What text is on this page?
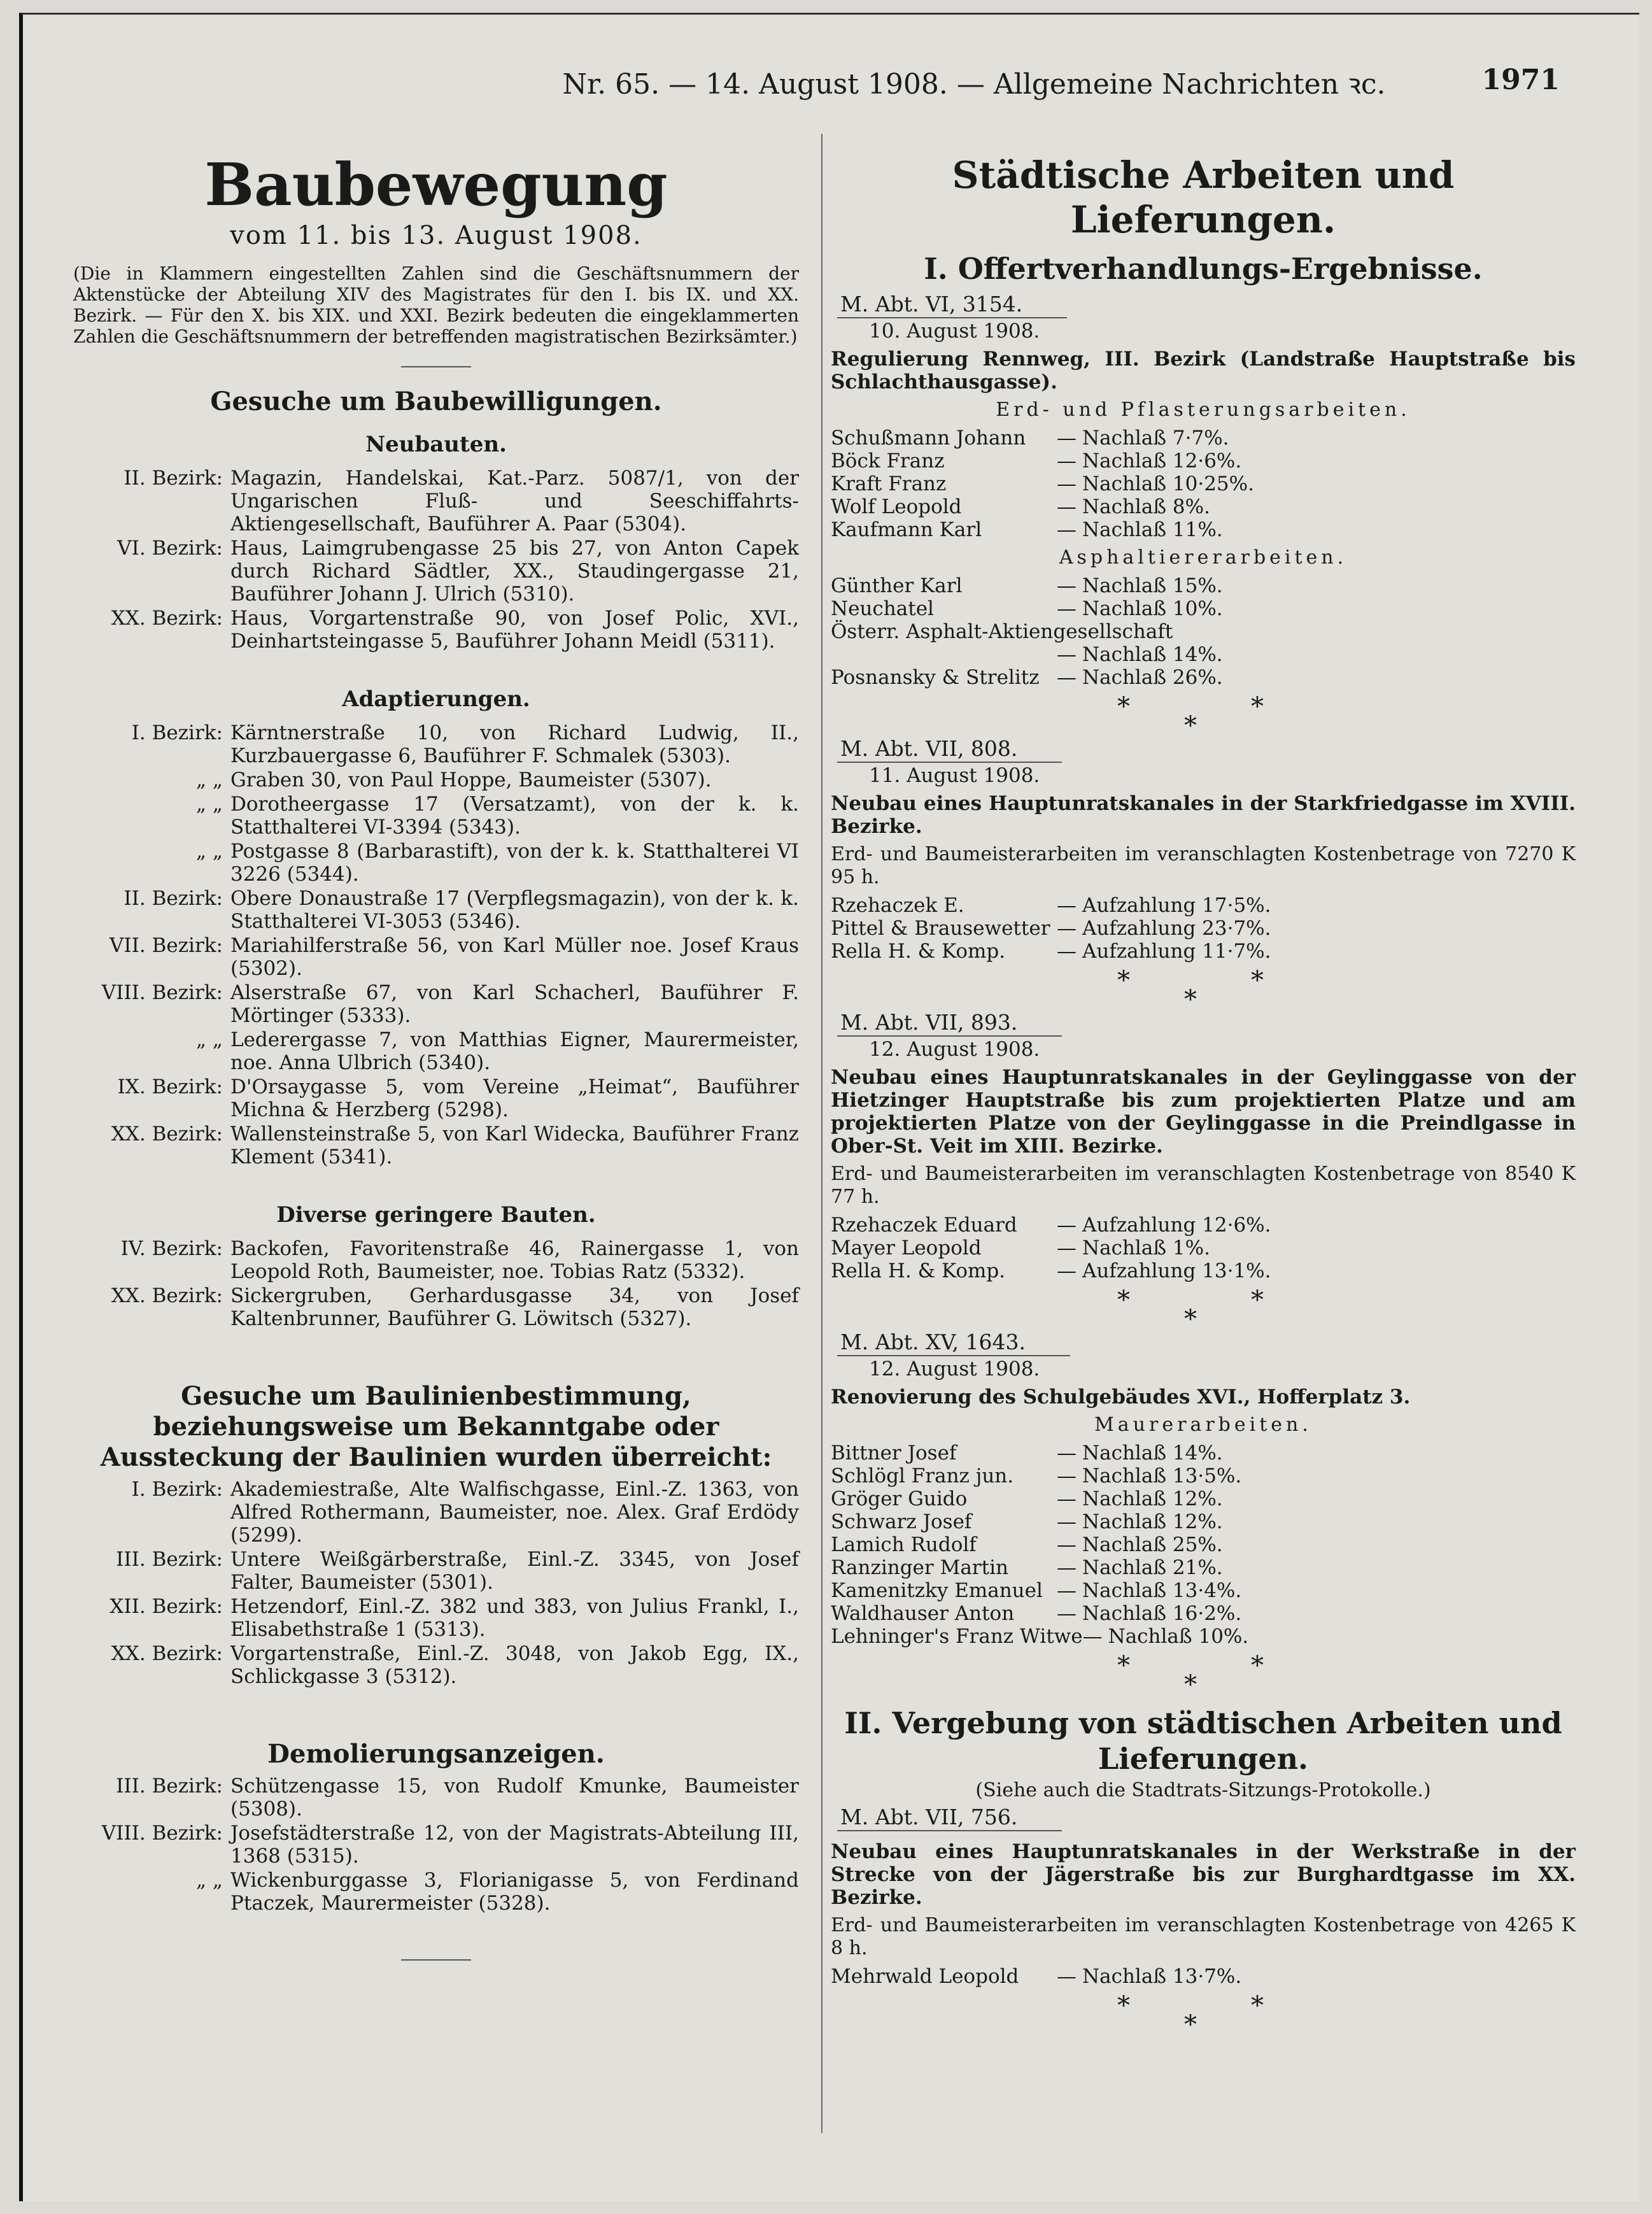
Nr. 65. — 14. August 1908. — Allgemeine Nachrichten ꝛc.	1971
Baubewegung
vom 11. bis 13. August 1908.

(Die in Klammern eingestellten Zahlen sind die Geschäftsnummern der Aktenstücke der Abteilung XIV des Magistrates für den I. bis IX. und XX. Bezirk. — Für den X. bis XIX. und XXI. Bezirk bedeuten die eingeklammerten Zahlen die Geschäftsnummern der betreffenden magistratischen Bezirksämter.)

Gesuche um Baubewilligungen.
Neubauten.
II. Bezirk: Magazin, Handelskai, Kat.-Parz. 5087/1, von der Ungarischen Fluß- und Seeschiffahrts-Aktiengesellschaft, Bauführer A. Paar (5304).
VI. Bezirk: Haus, Laimgrubengasse 25 bis 27, von Anton Capek durch Richard Sädtler, XX., Staudingergasse 21, Bauführer Johann J. Ulrich (5310).
XX. Bezirk: Haus, Vorgartenstraße 90, von Josef Polic, XVI., Deinhartsteingasse 5, Bauführer Johann Meidl (5311).
Adaptierungen.
I. Bezirk: Kärntnerstraße 10, von Richard Ludwig, II., Kurzbauergasse 6, Bauführer F. Schmalek (5303).
„ „ Graben 30, von Paul Hoppe, Baumeister (5307).
„ „ Dorotheergasse 17 (Versatzamt), von der k. k. Statthalterei VI-3394 (5343).
„ „ Postgasse 8 (Barbarastift), von der k. k. Statthalterei VI 3226 (5344).
II. Bezirk: Obere Donaustraße 17 (Verpflegsmagazin), von der k. k. Statthalterei VI-3053 (5346).
VII. Bezirk: Mariahilferstraße 56, von Karl Müller noe. Josef Kraus (5302).
VIII. Bezirk: Alserstraße 67, von Karl Schacherl, Bauführer F. Mörtinger (5333).
„ „ Lederergasse 7, von Matthias Eigner, Maurermeister, noe. Anna Ulbrich (5340).
IX. Bezirk: D'Orsaygasse 5, vom Vereine „Heimat“, Bauführer Michna & Herzberg (5298).
XX. Bezirk: Wallensteinstraße 5, von Karl Widecka, Bauführer Franz Klement (5341).
Diverse geringere Bauten.
IV. Bezirk: Backofen, Favoritenstraße 46, Rainergasse 1, von Leopold Roth, Baumeister, noe. Tobias Ratz (5332).
XX. Bezirk: Sickergruben, Gerhardusgasse 34, von Josef Kaltenbrunner, Bauführer G. Löwitsch (5327).
Gesuche um Baulinienbestimmung, beziehungsweise um Bekanntgabe oder Aussteckung der Baulinien wurden überreicht:
I. Bezirk: Akademiestraße, Alte Walfischgasse, Einl.-Z. 1363, von Alfred Rothermann, Baumeister, noe. Alex. Graf Erdödy (5299).
III. Bezirk: Untere Weißgärberstraße, Einl.-Z. 3345, von Josef Falter, Baumeister (5301).
XII. Bezirk: Hetzendorf, Einl.-Z. 382 und 383, von Julius Frankl, I., Elisabethstraße 1 (5313).
XX. Bezirk: Vorgartenstraße, Einl.-Z. 3048, von Jakob Egg, IX., Schlickgasse 3 (5312).
Demolierungsanzeigen.
III. Bezirk: Schützengasse 15, von Rudolf Kmunke, Baumeister (5308).
VIII. Bezirk: Josefstädterstraße 12, von der Magistrats-Abteilung III, 1368 (5315).
„ „ Wickenburggasse 3, Florianigasse 5, von Ferdinand Ptaczek, Maurermeister (5328).
Städtische Arbeiten und Lieferungen.
I. Offertverhandlungs-Ergebnisse.
M. Abt. VI, 3154.
10. August 1908.
Regulierung Rennweg, III. Bezirk (Landstraße Hauptstraße bis Schlachthausgasse).
Erd- und Pflasterungsarbeiten.
Schußmann Johann	— Nachlaß 7·7%.
Böck Franz	— Nachlaß 12·6%.
Kraft Franz	— Nachlaß 10·25%.
Wolf Leopold	— Nachlaß 8%.
Kaufmann Karl	— Nachlaß 11%.
Asphaltiererarbeiten.
Günther Karl	— Nachlaß 15%.
Neuchatel	— Nachlaß 10%.
Österr. Asphalt-Aktiengesellschaft
— Nachlaß 14%.
Posnansky & Strelitz — Nachlaß 26%.
*
*
*
M. Abt. VII, 808.
11. August 1908.
Neubau eines Hauptunratskanales in der Starkfriedgasse im XVIII. Bezirke.
Erd- und Baumeisterarbeiten im veranschlagten Kostenbetrage von 7270 K 95 h.
Rzehaczek E.	— Aufzahlung 17·5%.
Pittel & Brausewetter — Aufzahlung 23·7%.
Rella H. & Komp.	— Aufzahlung 11·7%.
*
*
*
M. Abt. VII, 893.
12. August 1908.
Neubau eines Hauptunratskanales in der Geylinggasse von der Hietzinger Hauptstraße bis zum projektierten Platze und am projektierten Platze von der Geylinggasse in die Preindlgasse in Ober-St. Veit im XIII. Bezirke.
Erd- und Baumeisterarbeiten im veranschlagten Kostenbetrage von 8540 K 77 h.
Rzehaczek Eduard	— Aufzahlung 12·6%.
Mayer Leopold	— Nachlaß 1%.
Rella H. & Komp.	— Aufzahlung 13·1%.
*
*
*
M. Abt. XV, 1643.
12. August 1908.
Renovierung des Schulgebäudes XVI., Hofferplatz 3.
Maurerarbeiten.
Bittner Josef	— Nachlaß 14%.
Schlögl Franz jun.	— Nachlaß 13·5%.
Gröger Guido	— Nachlaß 12%.
Schwarz Josef	— Nachlaß 12%.
Lamich Rudolf	— Nachlaß 25%.
Ranzinger Martin	— Nachlaß 21%.
Kamenitzky Emanuel — Nachlaß 13·4%.
Waldhauser Anton	— Nachlaß 16·2%.
Lehninger's Franz Witwe — Nachlaß 10%.
*
*
*
II. Vergebung von städtischen Arbeiten und Lieferungen.
(Siehe auch die Stadtrats-Sitzungs-Protokolle.)
M. Abt. VII, 756.
Neubau eines Hauptunratskanales in der Werkstraße in der Strecke von der Jägerstraße bis zur Burghardtgasse im XX. Bezirke.
Erd- und Baumeisterarbeiten im veranschlagten Kostenbetrage von 4265 K 8 h.
Mehrwald Leopold	— Nachlaß 13·7%.
*
*
*
